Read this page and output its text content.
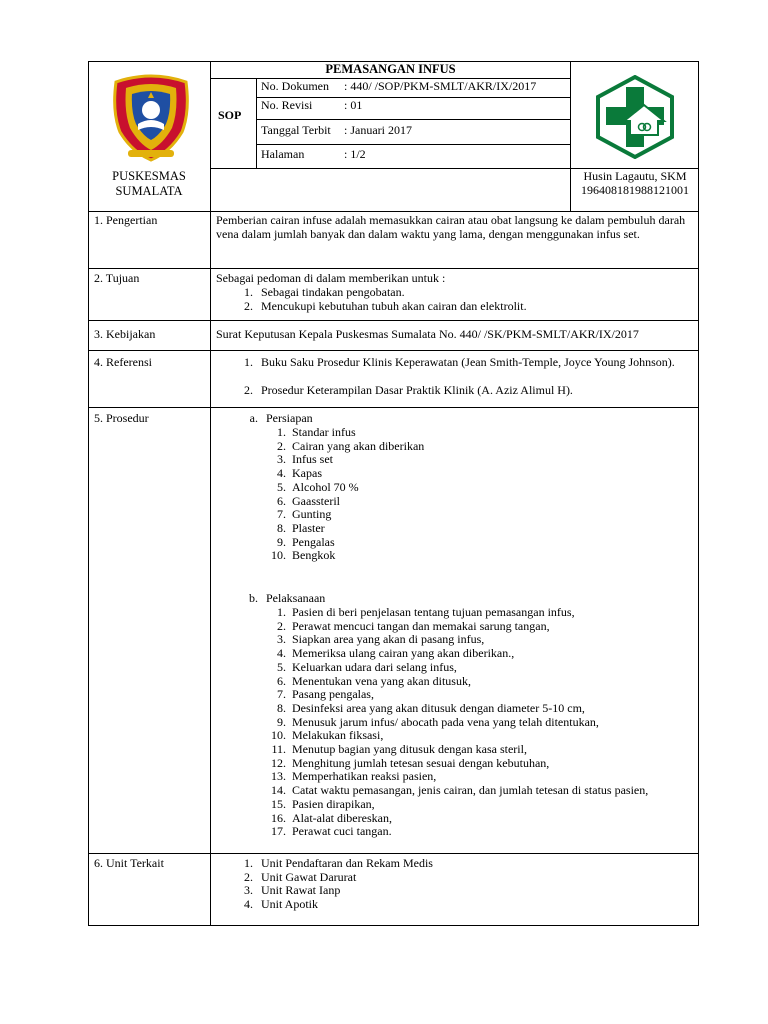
PEMASANGAN INFUS
SOP
No. Dokumen : 440/ /SOP/PKM-SMLT/AKR/IX/2017
No. Revisi	: 01
Tanggal Terbit : Januari 2017
Halaman	: 1/2
PUSKESMAS
SUMALATA
Husin Lagautu, SKM
196408181988121001
1. Pengertian	Pemberian cairan infuse adalah memasukkan cairan atau obat langsung ke dalam pembuluh darah vena dalam jumlah banyak dan dalam waktu yang lama, dengan menggunakan infus set.
2. Tujuan	Sebagai pedoman di dalam memberikan untuk :
1. Sebagai tindakan pengobatan.
2. Mencukupi kebutuhan tubuh akan cairan dan elektrolit.
3. Kebijakan	Surat Keputusan Kepala Puskesmas Sumalata No. 440/ /SK/PKM-SMLT/AKR/IX/2017
4. Referensi	1. Buku Saku Prosedur Klinis Keperawatan (Jean Smith-Temple, Joyce Young Johnson).
2. Prosedur Keterampilan Dasar Praktik Klinik (A. Aziz Alimul H).
5. Prosedur	a. Persiapan
1. Standar infus
2. Cairan yang akan diberikan
3. Infus set
4. Kapas
5. Alcohol 70 %
6. Gaassteril
7. Gunting
8. Plaster
9. Pengalas
10. Bengkok
b. Pelaksanaan
1. Pasien di beri penjelasan tentang tujuan pemasangan infus,
2. Perawat mencuci tangan dan memakai sarung tangan,
3. Siapkan area yang akan di pasang infus,
4. Memeriksa ulang cairan yang akan diberikan.,
5. Keluarkan udara dari selang infus,
6. Menentukan vena yang akan ditusuk,
7. Pasang pengalas,
8. Desinfeksi area yang akan ditusuk dengan diameter 5-10 cm,
9. Menusuk jarum infus/ abocath pada vena yang telah ditentukan,
10. Melakukan fiksasi,
11. Menutup bagian yang ditusuk dengan kasa steril,
12. Menghitung jumlah tetesan sesuai dengan kebutuhan,
13. Memperhatikan reaksi pasien,
14. Catat waktu pemasangan, jenis cairan, dan jumlah tetesan di status pasien,
15. Pasien dirapikan,
16. Alat-alat dibereskan,
17. Perawat cuci tangan.
6. Unit Terkait	1. Unit Pendaftaran dan Rekam Medis
2. Unit Gawat Darurat
3. Unit Rawat Ianp
4. Unit Apotik
